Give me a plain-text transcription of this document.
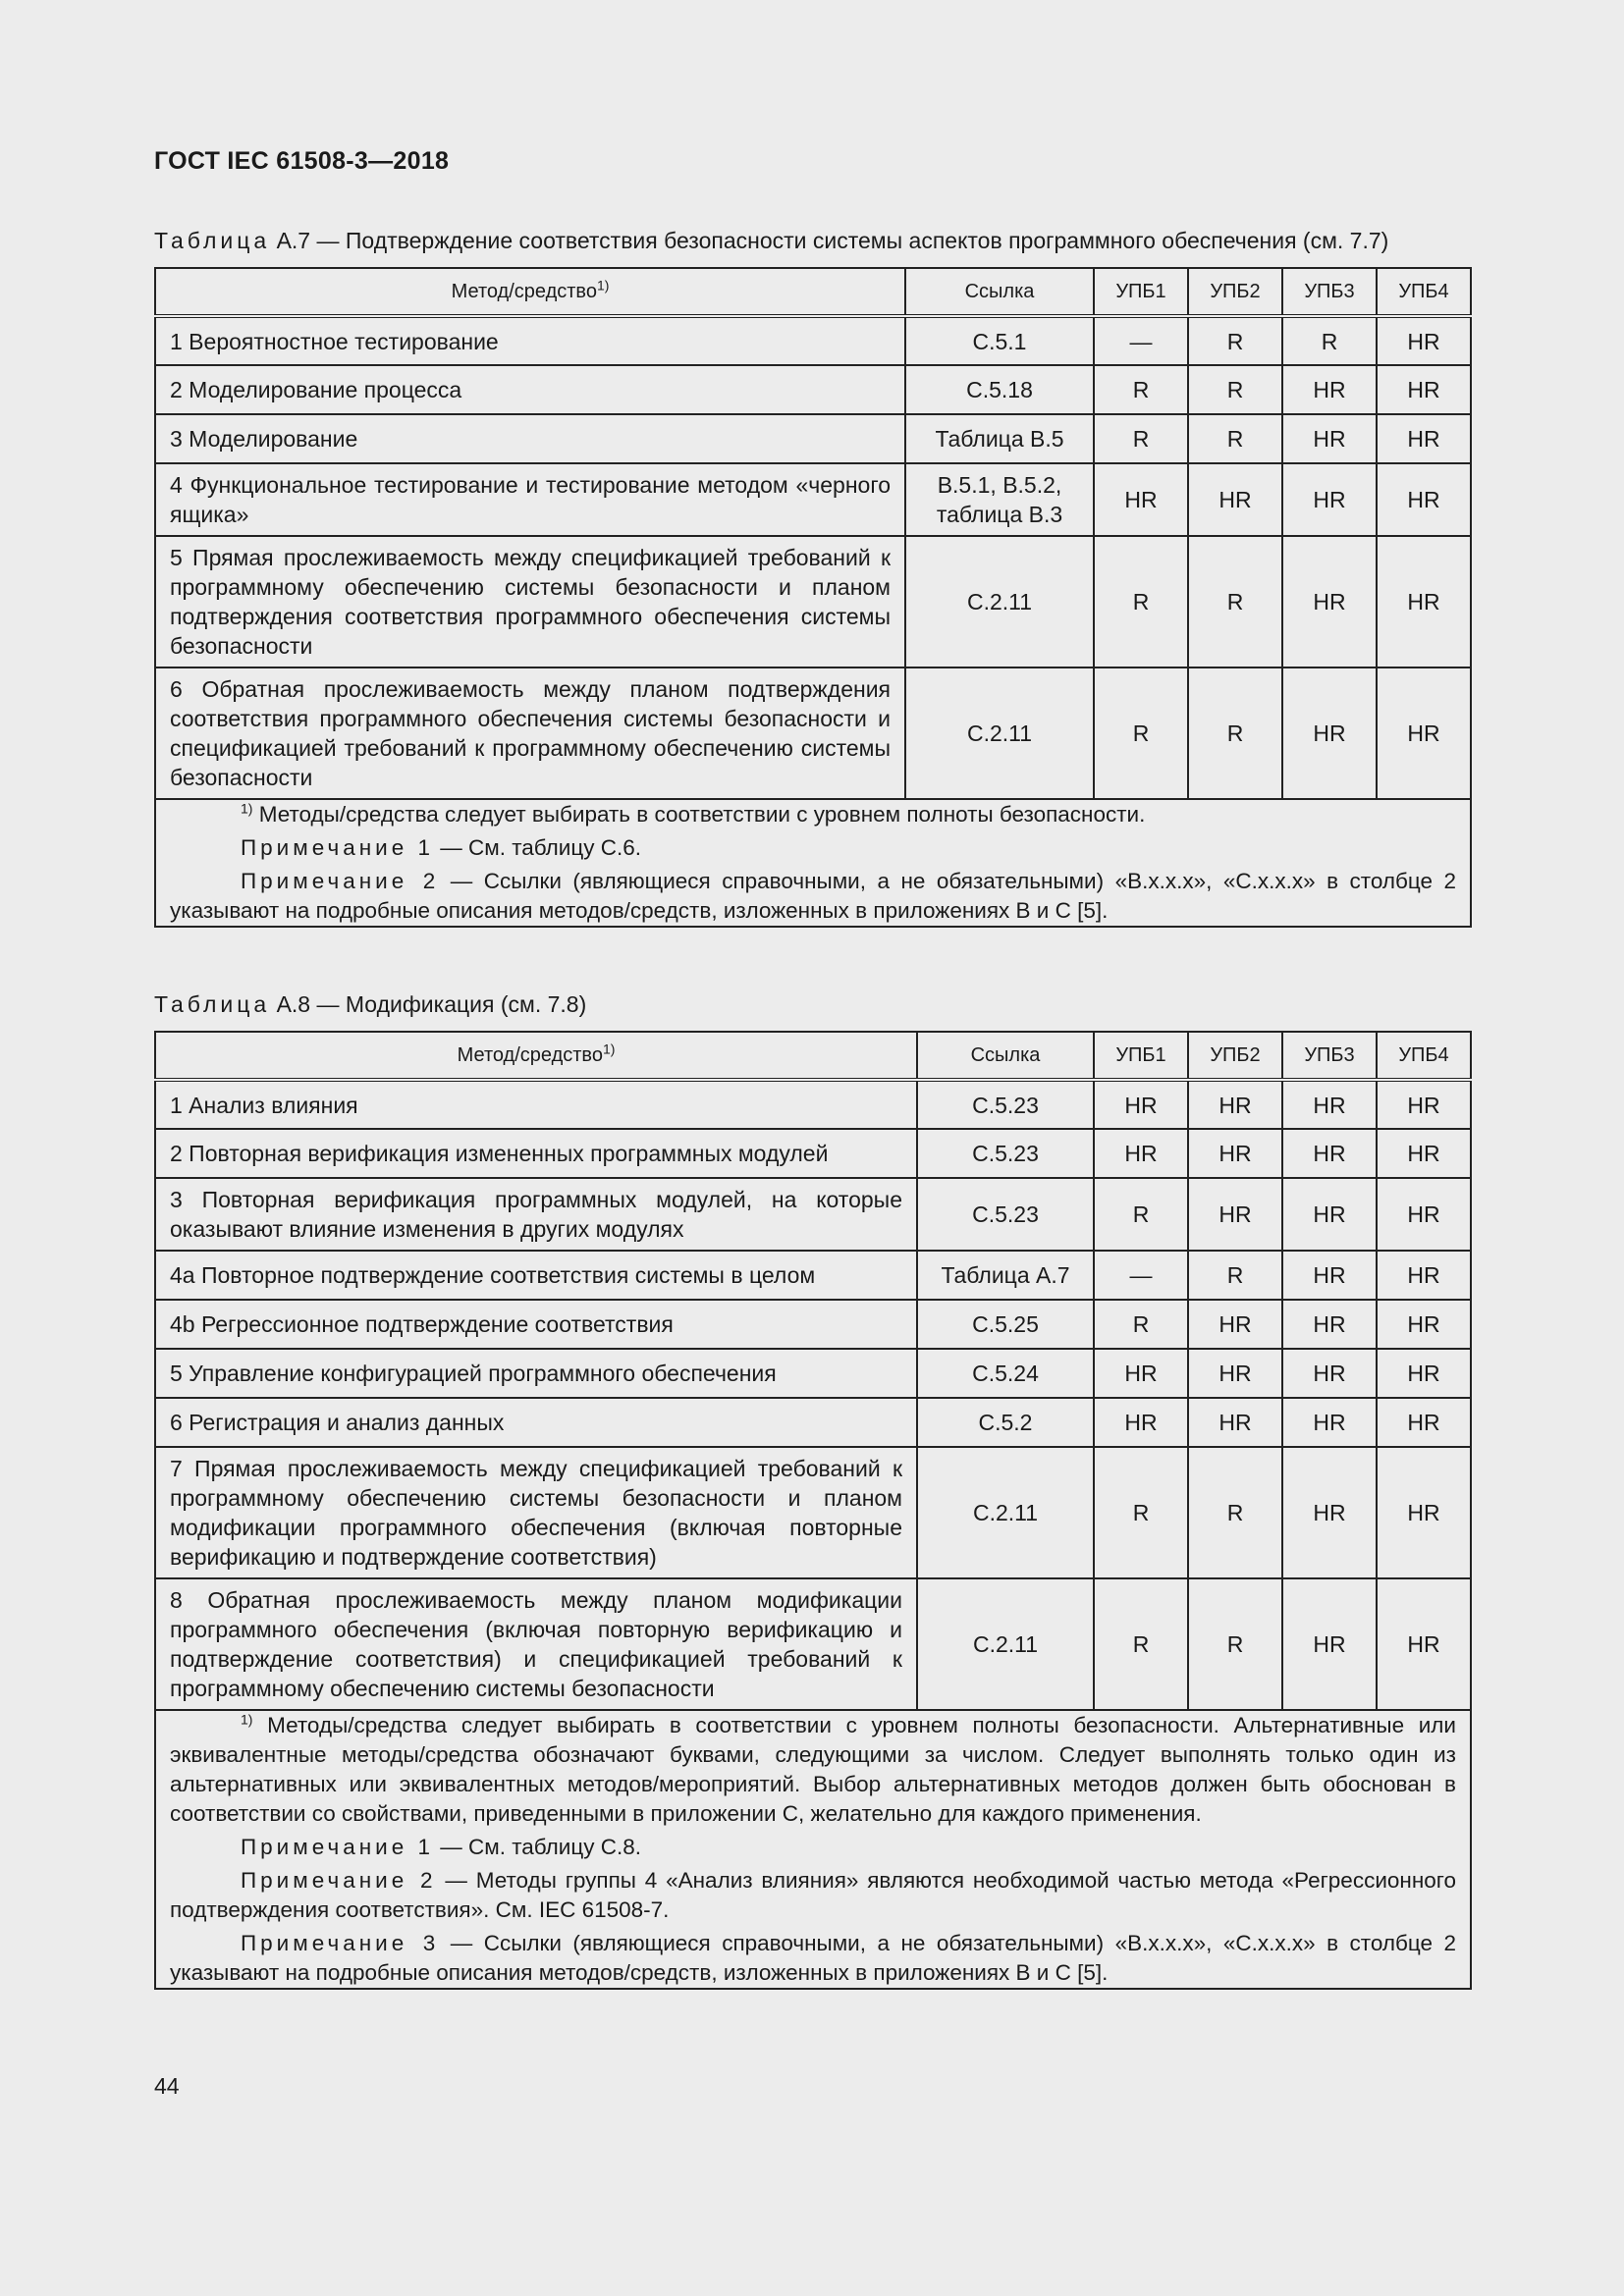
ГОСТ IEC 61508-3—2018
Таблица А.7 — Подтверждение соответствия безопасности системы аспектов программного обеспечения (см. 7.7)
Метод/средство$^{1)}$	Ссылка	УПБ1	УПБ2	УПБ3	УПБ4
1 Вероятностное тестирование	С.5.1	—	R	R	HR
2 Моделирование процесса	С.5.18	R	R	HR	HR
3 Моделирование	Таблица В.5	R	R	HR	HR
4 Функциональное тестирование и тестирование методом «черного ящика»	В.5.1, В.5.2, таблица В.3	HR	HR	HR	HR
5 Прямая прослеживаемость между спецификацией требований к программному обеспечению системы безопасности и планом подтверждения соответствия программного обеспечения системы безопасности	С.2.11	R	R	HR	HR
6 Обратная прослеживаемость между планом подтверждения соответствия программного обеспечения системы безопасности и спецификацией требований к программному обеспечению системы безопасности	С.2.11	R	R	HR	HR

$^{1)}$ Методы/средства следует выбирать в соответствии с уровнем полноты безопасности.

Примечание 1 — См. таблицу С.6.

Примечание 2 — Ссылки (являющиеся справочными, а не обязательными) «В.х.х.х», «С.х.х.х» в столбце 2 указывают на подробные описания методов/средств, изложенных в приложениях В и С [5].					

Таблица А.8 — Модификация (см. 7.8)
Метод/средство$^{1)}$	Ссылка	УПБ1	УПБ2	УПБ3	УПБ4
1 Анализ влияния	С.5.23	HR	HR	HR	HR
2 Повторная верификация измененных программных модулей	С.5.23	HR	HR	HR	HR
3 Повторная верификация программных модулей, на которые оказывают влияние изменения в других модулях	С.5.23	R	HR	HR	HR
4а Повторное подтверждение соответствия системы в целом	Таблица А.7	—	R	HR	HR
4b Регрессионное подтверждение соответствия	С.5.25	R	HR	HR	HR
5 Управление конфигурацией программного обеспечения	С.5.24	HR	HR	HR	HR
6 Регистрация и анализ данных	С.5.2	HR	HR	HR	HR
7 Прямая прослеживаемость между спецификацией требований к программному обеспечению системы безопасности и планом модификации программного обеспечения (включая повторные верификацию и подтверждение соответствия)	С.2.11	R	R	HR	HR
8 Обратная прослеживаемость между планом модификации программного обеспечения (включая повторную верификацию и подтверждение соответствия) и спецификацией требований к программному обеспечению системы безопасности	С.2.11	R	R	HR	HR

$^{1)}$ Методы/средства следует выбирать в соответствии с уровнем полноты безопасности. Альтернативные или эквивалентные методы/средства обозначают буквами, следующими за числом. Следует выполнять только один из альтернативных или эквивалентных методов/мероприятий. Выбор альтернативных методов должен быть обоснован в соответствии со свойствами, приведенными в приложении С, желательно для каждого применения.

Примечание 1 — См. таблицу С.8.

Примечание 2 — Методы группы 4 «Анализ влияния» являются необходимой частью метода «Регрессионного подтверждения соответствия». См. IEC 61508-7.

Примечание 3 — Ссылки (являющиеся справочными, а не обязательными) «В.х.х.х», «С.х.х.х» в столбце 2 указывают на подробные описания методов/средств, изложенных в приложениях В и С [5].					

44
